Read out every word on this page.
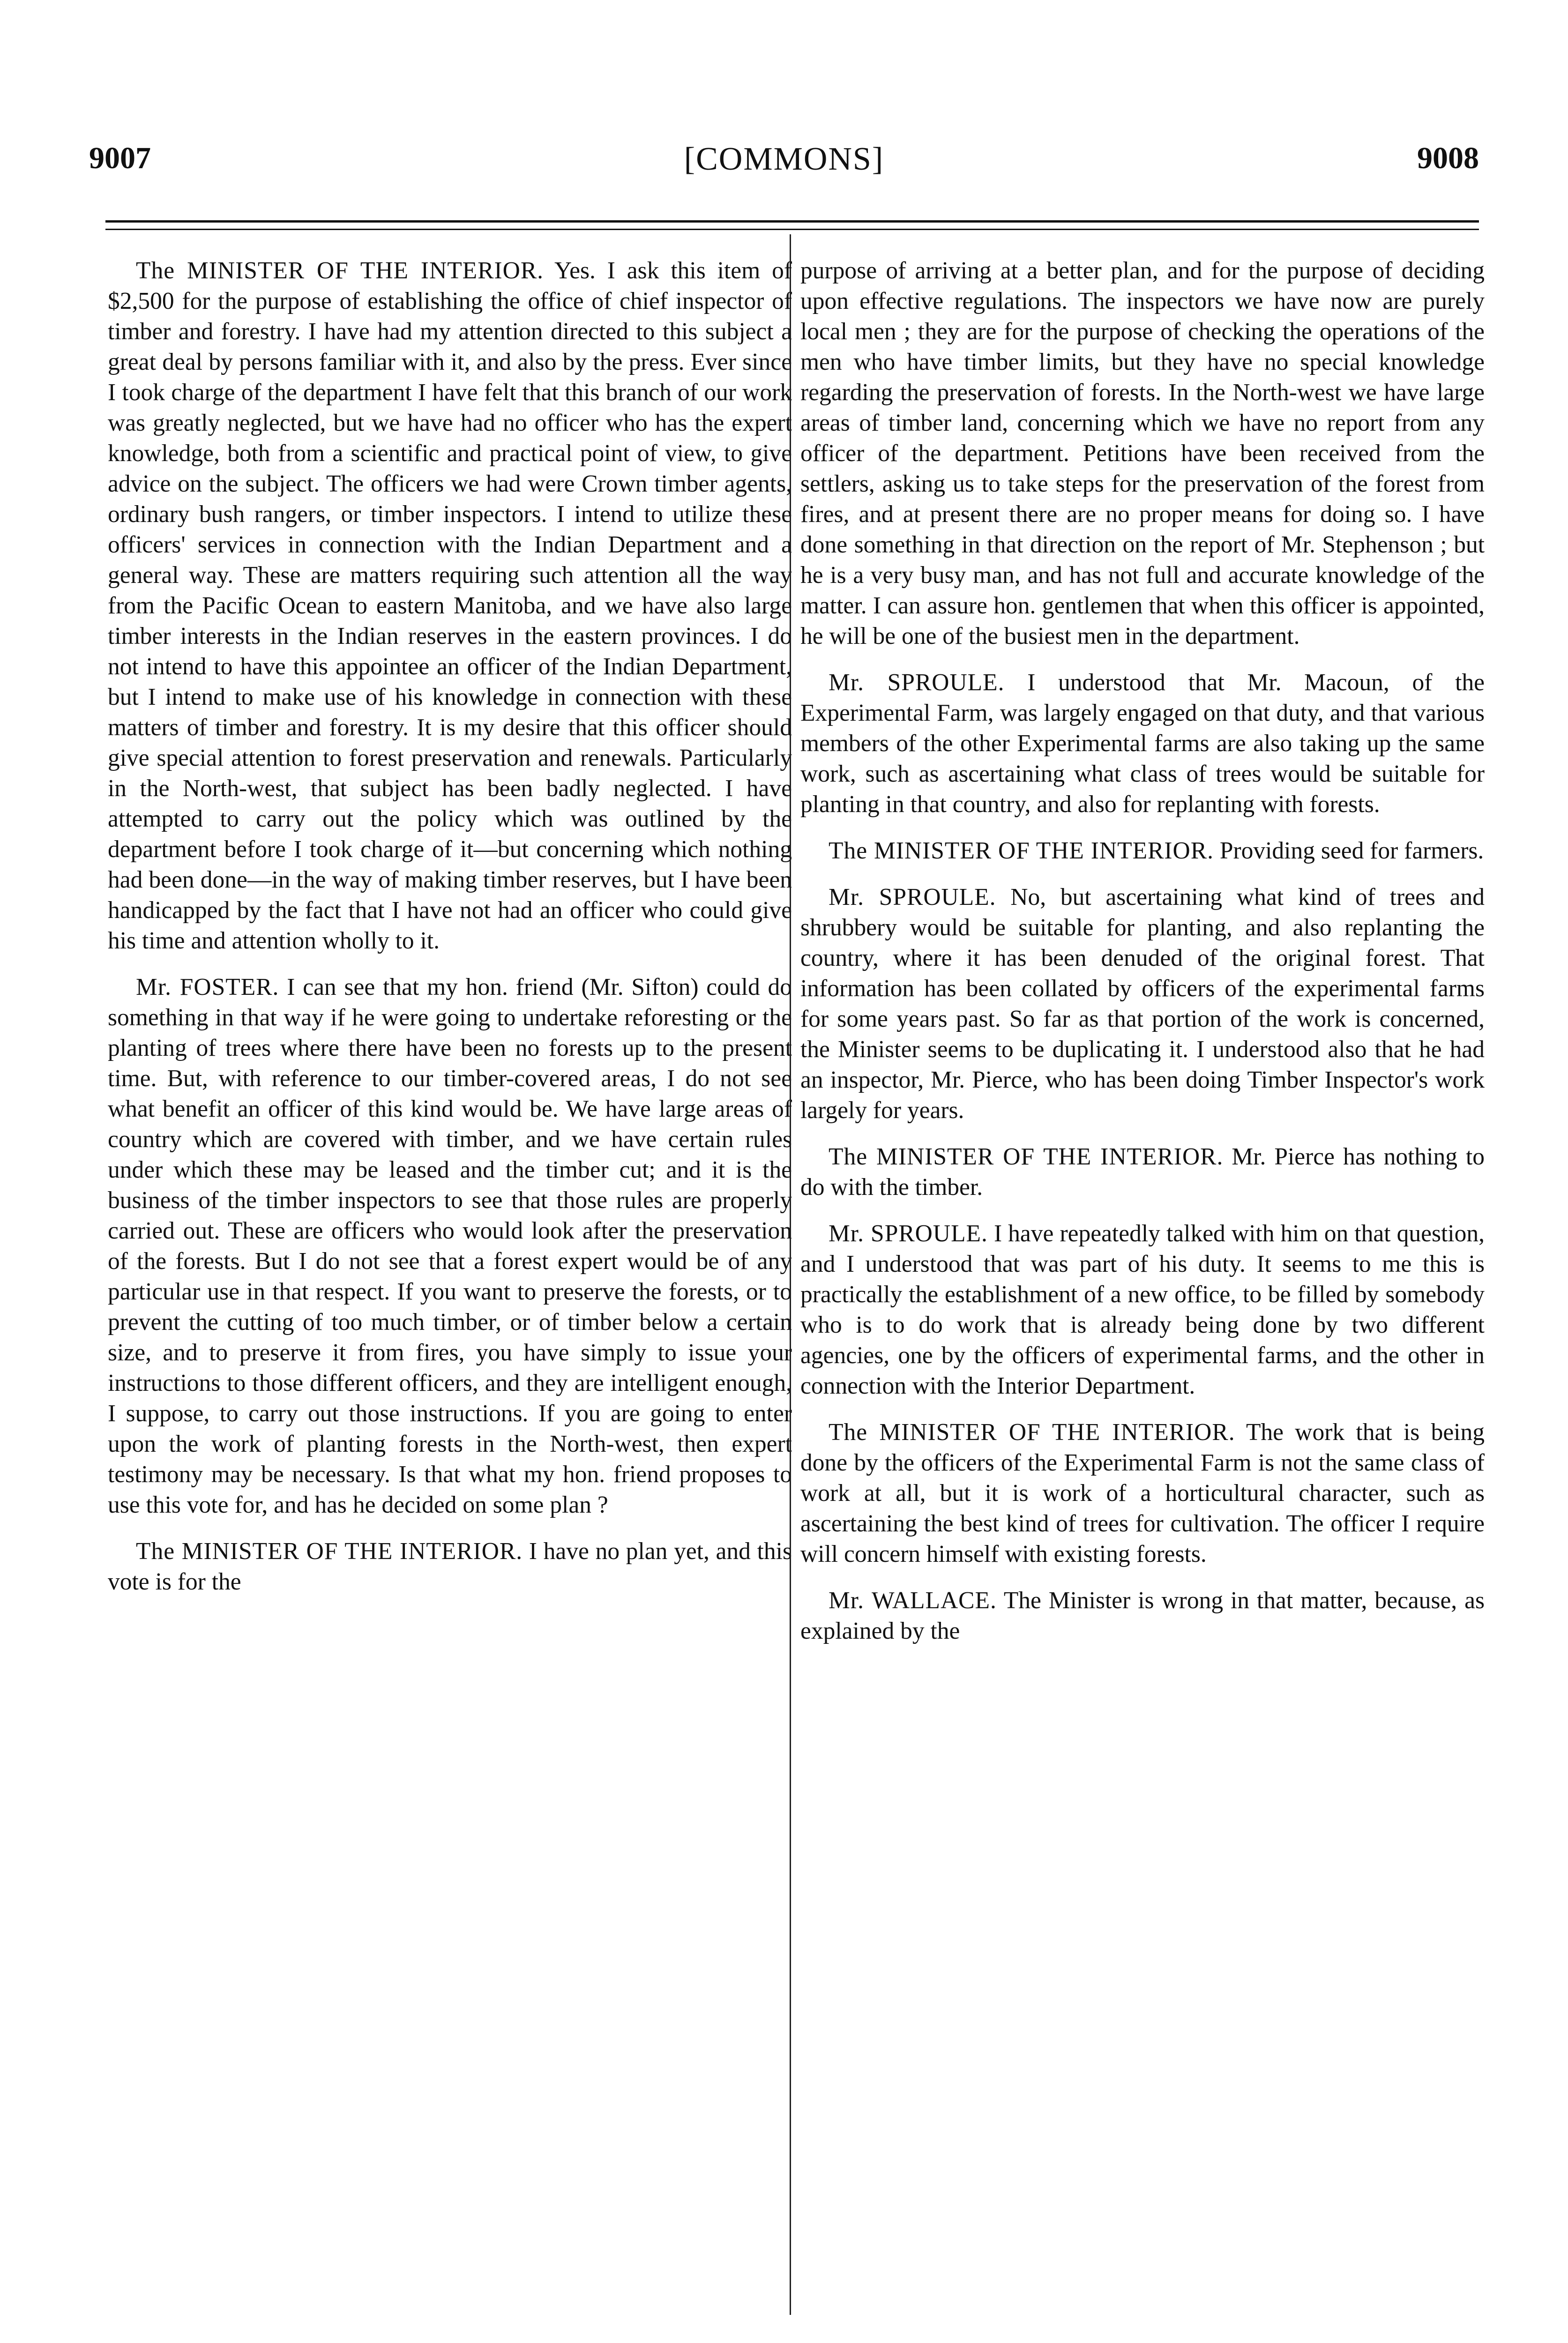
9007	[COMMONS]	9008

The MINISTER OF THE INTERIOR. Yes. I ask this item of $2,500 for the purpose of establishing the office of chief inspector of timber and forestry. I have had my attention directed to this subject a great deal by persons familiar with it, and also by the press. Ever since I took charge of the department I have felt that this branch of our work was greatly neglected, but we have had no officer who has the expert knowledge, both from a scientific and practical point of view, to give advice on the subject. The officers we had were Crown timber agents, ordinary bush rangers, or timber inspectors. I intend to utilize these officers' services in connection with the Indian Department and a general way. These are matters requiring such attention all the way from the Pacific Ocean to eastern Manitoba, and we have also large timber interests in the Indian reserves in the eastern provinces. I do not intend to have this appointee an officer of the Indian Department, but I intend to make use of his knowledge in connection with these matters of timber and forestry. It is my desire that this officer should give special attention to forest preservation and renewals. Particularly in the North-west, that subject has been badly neglected. I have attempted to carry out the policy which was outlined by the department before I took charge of it—but concerning which nothing had been done—in the way of making timber reserves, but I have been handicapped by the fact that I have not had an officer who could give his time and attention wholly to it.

Mr. FOSTER. I can see that my hon. friend (Mr. Sifton) could do something in that way if he were going to undertake reforesting or the planting of trees where there have been no forests up to the present time. But, with reference to our timber-covered areas, I do not see what benefit an officer of this kind would be. We have large areas of country which are covered with timber, and we have certain rules under which these may be leased and the timber cut; and it is the business of the timber inspectors to see that those rules are properly carried out. These are officers who would look after the preservation of the forests. But I do not see that a forest expert would be of any particular use in that respect. If you want to preserve the forests, or to prevent the cutting of too much timber, or of timber below a certain size, and to preserve it from fires, you have simply to issue your instructions to those different officers, and they are intelligent enough, I suppose, to carry out those instructions. If you are going to enter upon the work of planting forests in the North-west, then expert testimony may be necessary. Is that what my hon. friend proposes to use this vote for, and has he decided on some plan ?

The MINISTER OF THE INTERIOR. I have no plan yet, and this vote is for the

purpose of arriving at a better plan, and for the purpose of deciding upon effective regulations. The inspectors we have now are purely local men ; they are for the purpose of checking the operations of the men who have timber limits, but they have no special knowledge regarding the preservation of forests. In the North-west we have large areas of timber land, concerning which we have no report from any officer of the department. Petitions have been received from the settlers, asking us to take steps for the preservation of the forest from fires, and at present there are no proper means for doing so. I have done something in that direction on the report of Mr. Stephenson ; but he is a very busy man, and has not full and accurate knowledge of the matter. I can assure hon. gentlemen that when this officer is appointed, he will be one of the busiest men in the department.

Mr. SPROULE. I understood that Mr. Macoun, of the Experimental Farm, was largely engaged on that duty, and that various members of the other Experimental farms are also taking up the same work, such as ascertaining what class of trees would be suitable for planting in that country, and also for replanting with forests.

The MINISTER OF THE INTERIOR. Providing seed for farmers.

Mr. SPROULE. No, but ascertaining what kind of trees and shrubbery would be suitable for planting, and also replanting the country, where it has been denuded of the original forest. That information has been collated by officers of the experimental farms for some years past. So far as that portion of the work is concerned, the Minister seems to be duplicating it. I understood also that he had an inspector, Mr. Pierce, who has been doing Timber Inspector's work largely for years.

The MINISTER OF THE INTERIOR. Mr. Pierce has nothing to do with the timber.

Mr. SPROULE. I have repeatedly talked with him on that question, and I understood that was part of his duty. It seems to me this is practically the establishment of a new office, to be filled by somebody who is to do work that is already being done by two different agencies, one by the officers of experimental farms, and the other in connection with the Interior Department.

The MINISTER OF THE INTERIOR. The work that is being done by the officers of the Experimental Farm is not the same class of work at all, but it is work of a horticultural character, such as ascertaining the best kind of trees for cultivation. The officer I require will concern himself with existing forests.

Mr. WALLACE. The Minister is wrong in that matter, because, as explained by the
